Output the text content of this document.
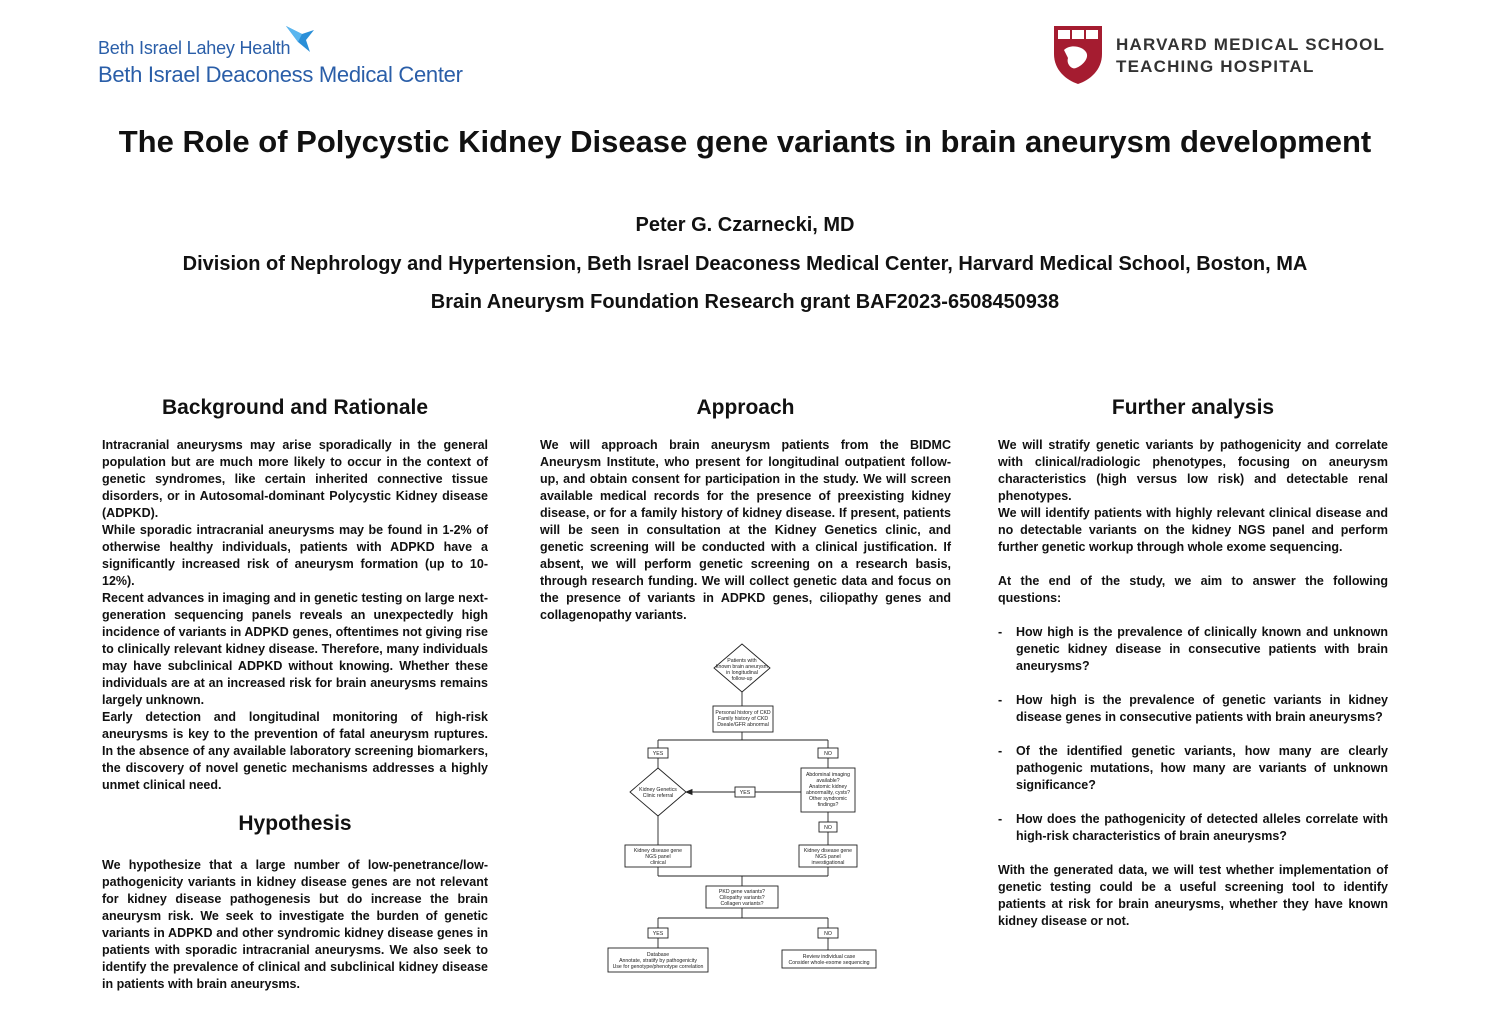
Beth Israel Lahey Health
Beth Israel Deaconess Medical Center
HARVARD MEDICAL SCHOOL
TEACHING HOSPITAL
The Role of Polycystic Kidney Disease gene variants in brain aneurysm development
Peter G. Czarnecki, MD
Division of Nephrology and Hypertension, Beth Israel Deaconess Medical Center, Harvard Medical School, Boston, MA
Brain Aneurysm Foundation Research grant BAF2023-6508450938
Background and Rationale

Intracranial aneurysms may arise sporadically in the general population but are much more likely to occur in the context of genetic syndromes, like certain inherited connective tissue disorders, or in Autosomal-dominant Polycystic Kidney disease (ADPKD).

While sporadic intracranial aneurysms may be found in 1-2% of otherwise healthy individuals, patients with ADPKD have a significantly increased risk of aneurysm formation (up to 10-12%).

Recent advances in imaging and in genetic testing on large next-generation sequencing panels reveals an unexpectedly high incidence of variants in ADPKD genes, oftentimes not giving rise to clinically relevant kidney disease. Therefore, many individuals may have subclinical ADPKD without knowing. Whether these individuals are at an increased risk for brain aneurysms remains largely unknown.

Early detection and longitudinal monitoring of high-risk aneurysms is key to the prevention of fatal aneurysm ruptures. In the absence of any available laboratory screening biomarkers, the discovery of novel genetic mechanisms addresses a highly unmet clinical need.

Hypothesis

We hypothesize that a large number of low-penetrance/low-pathogenicity variants in kidney disease genes are not relevant for kidney disease pathogenesis but do increase the brain aneurysm risk. We seek to investigate the burden of genetic variants in ADPKD and other syndromic kidney disease genes in patients with sporadic intracranial aneurysms. We also seek to identify the prevalence of clinical and subclinical kidney disease in patients with brain aneurysms.

Approach

We will approach brain aneurysm patients from the BIDMC Aneurysm Institute, who present for longitudinal outpatient follow-up, and obtain consent for participation in the study. We will screen available medical records for the presence of preexisting kidney disease, or for a family history of kidney disease. If present, patients will be seen in consultation at the Kidney Genetics clinic, and genetic screening will be conducted with a clinical justification. If absent, we will perform genetic screening on a research basis, through research funding. We will collect genetic data and focus on the presence of variants in ADPKD genes, ciliopathy genes and collagenopathy variants.

Patients with
known brain aneurysm
in longitudinal
follow-up
Personal history of CKD
Family history of CKD
Dseale/GFR abnormal
YES	NO
Kidney Genetics
Clinic referral	YES
Abdominal imaging
available?
Anatomic kidney
abnormality, cysts?
Other syndromic
findings?
NO
Kidney disease gene
NGS panel
clinical
Kidney disease gene
NGS panel
investigational
PKD gene variants?
Ciliopathy variants?
Collagen variants?
YES	NO
Database
Annotate, stratify by pathogenicity
Use for genotype/phenotype correlation
Review individual case
Consider whole-exome sequencing
Further analysis

We will stratify genetic variants by pathogenicity and correlate with clinical/radiologic phenotypes, focusing on aneurysm characteristics (high versus low risk) and detectable renal phenotypes.

We will identify patients with highly relevant clinical disease and no detectable variants on the kidney NGS panel and perform further genetic workup through whole exome sequencing.

At the end of the study, we aim to answer the following questions:

- How high is the prevalence of clinically known and unknown genetic kidney disease in consecutive patients with brain aneurysms?

- How high is the prevalence of genetic variants in kidney disease genes in consecutive patients with brain aneurysms?

- Of the identified genetic variants, how many are clearly pathogenic mutations, how many are variants of unknown significance?

- How does the pathogenicity of detected alleles correlate with high-risk characteristics of brain aneurysms?

With the generated data, we will test whether implementation of genetic testing could be a useful screening tool to identify patients at risk for brain aneurysms, whether they have known kidney disease or not.
